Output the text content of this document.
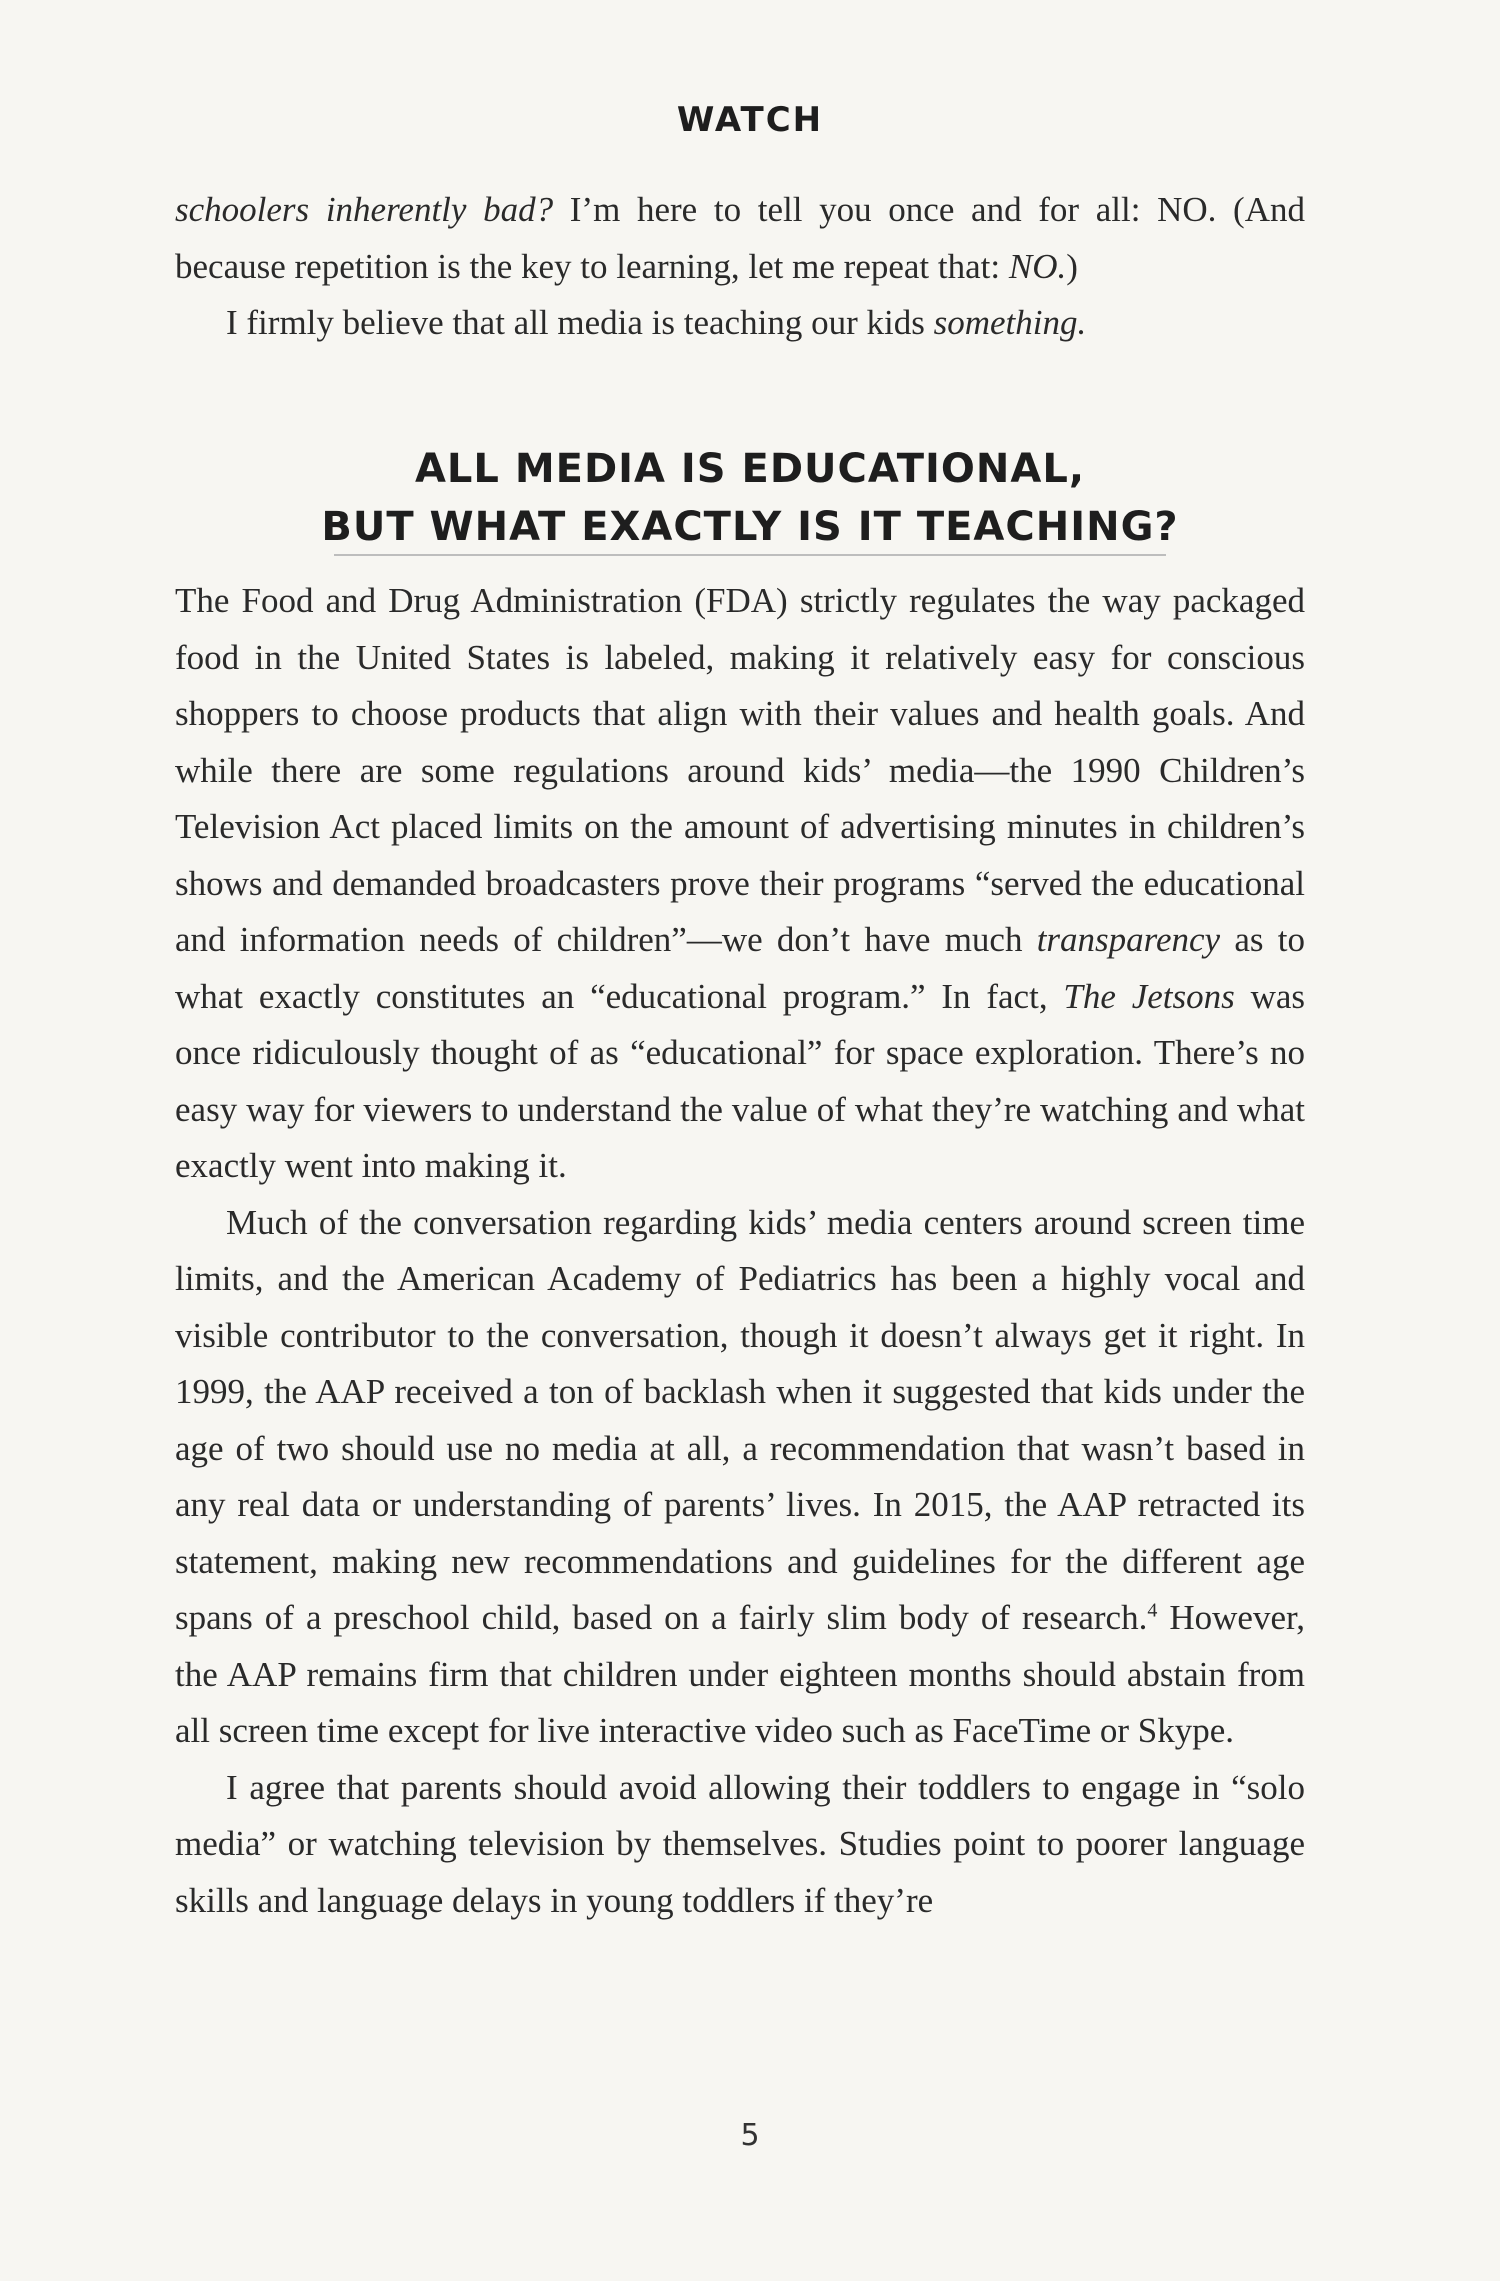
WATCH

schoolers inherently bad? I’m here to tell you once and for all: NO. (And because repetition is the key to learning, let me repeat that: NO.)

I firmly believe that all media is teaching our kids something.

ALL MEDIA IS EDUCATIONAL,
BUT WHAT EXACTLY IS IT TEACHING?

The Food and Drug Administration (FDA) strictly regulates the way packaged food in the United States is labeled, making it relatively easy for conscious shoppers to choose products that align with their values and health goals. And while there are some regulations around kids’ media—the 1990 Children’s Television Act placed limits on the amount of advertising minutes in children’s shows and demanded broadcasters prove their programs “served the educational and information needs of children”—we don’t have much transparency as to what exactly constitutes an “educational program.” In fact, The Jetsons was once ridiculously thought of as “educational” for space exploration. There’s no easy way for viewers to understand the value of what they’re watching and what exactly went into making it.

Much of the conversation regarding kids’ media centers around screen time limits, and the American Academy of Pediatrics has been a highly vocal and visible contributor to the conversation, though it doesn’t always get it right. In 1999, the AAP received a ton of backlash when it suggested that kids under the age of two should use no media at all, a recommendation that wasn’t based in any real data or understanding of parents’ lives. In 2015, the AAP retracted its statement, making new recommendations and guidelines for the different age spans of a preschool child, based on a fairly slim body of research.$^4$ However, the AAP remains firm that children under eighteen months should abstain from all screen time except for live interactive video such as FaceTime or Skype.

I agree that parents should avoid allowing their toddlers to engage in “solo media” or watching television by themselves. Studies point to poorer language skills and language delays in young toddlers if they’re

5
